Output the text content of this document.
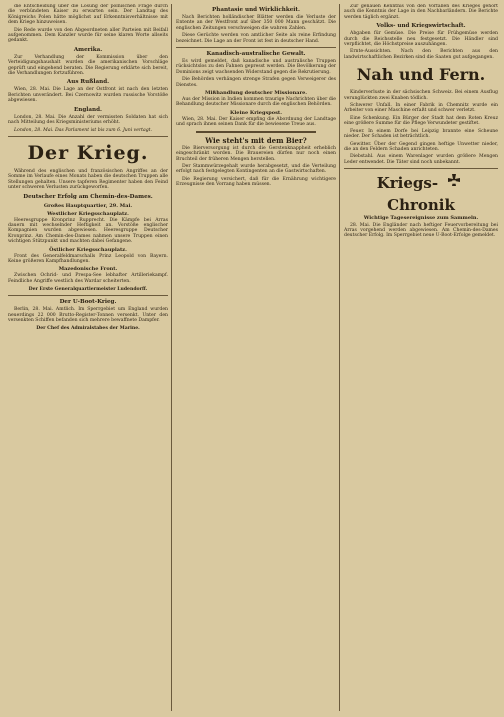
die Entscheidung über die Lösung der polnischen Frage durch die verbündeten Kaiser zu erwarten sein. Der Landtag des Königreichs Polen hätte möglichst auf Erkenntnisverhältnisse mit dem Kriege hinzuweisen.

Die Rede wurde von den Abgeordneten aller Parteien mit Beifall aufgenommen. Dem Kanzler wurde für seine klaren Worte allseits gedankt.

Amerika.

Zur Verhandlung der Kommission über den Verteidigungshaushalt wurden die amerikanischen Vorschläge geprüft und eingehend beraten. Die Regierung erklärte sich bereit, die Verhandlungen fortzuführen.

Aus Rußland.

Wien, 28. Mai. Die Lage an der Ostfront ist nach den letzten Berichten unverändert. Bei Czernowitz wurden russische Vorstöße abgewiesen.

England.

London, 28. Mai. Die Anzahl der vermissten Soldaten hat sich nach Mitteilung des Kriegsministeriums erhöht.

London, 28. Mai. Das Parlament ist bis zum 6. Juni vertagt.

Der Krieg.

Während des englischen und französischen Angriffes an der Somme im Verlaufe eines Monats haben die deutschen Truppen alle Stellungen gehalten. Unsere tapferen Regimenter haben den Feind unter schweren Verlusten zurückgeworfen.

Deutscher Erfolg am Chemin-des-Dames.
Großes Hauptquartier, 29. Mai.
Westlicher Kriegsschauplatz.

Heeresgruppe Kronprinz Rupprecht. Die Kämpfe bei Arras dauern mit wechselnder Heftigkeit an. Vorstöße englischer Kompagnien wurden abgewiesen. Heeresgruppe Deutscher Kronprinz. Am Chemin-des-Dames nahmen unsere Truppen einen wichtigen Stützpunkt und machten dabei Gefangene.

Östlicher Kriegsschauplatz.

Front des Generalfeldmarschalls Prinz Leopold von Bayern. Keine größeren Kampfhandlungen.

Mazedonische Front.

Zwischen Ochrid- und Prespa-See lebhafter Artilleriekampf. Feindliche Angriffe westlich des Wardar scheiterten.

Der Erste Generalquartiermeister Ludendorff.
Der U-Boot-Krieg.

Berlin, 28. Mai. Amtlich. Im Sperrgebiet um England wurden neuerdings 22 000 Brutto-Register-Tonnen versenkt. Unter den versenkten Schiffen befanden sich mehrere bewaffnete Dampfer.

Der Chef des Admiralstabes der Marine.
Phantasie und Wirklichkeit.

Nach Berichten holländischer Blätter werden die Verluste der Entente an der Westfront auf über 350 000 Mann geschätzt. Die englischen Zeitungen verschweigen die wahren Zahlen.

Diese Gerüchte werden von amtlicher Seite als reine Erfindung bezeichnet. Die Lage an der Front ist fest in deutscher Hand.

Kanadisch-australische Gewalt.

Es wird gemeldet, daß kanadische und australische Truppen rücksichtslos zu den Fahnen gepresst werden. Die Bevölkerung der Dominions zeigt wachsenden Widerstand gegen die Rekrutierung.

Die Behörden verhängen strenge Strafen gegen Verweigerer des Dienstes.

Mißhandlung deutscher Missionare.

Aus der Mission in Indien kommen traurige Nachrichten über die Behandlung deutscher Missionare durch die englischen Behörden.

Kleine Kriegspost.

Wien, 28. Mai. Der Kaiser empfing die Abordnung der Landtage und sprach ihnen seinen Dank für die bewiesene Treue aus.

Wie steht's mit dem Bier?

Die Bierversorgung ist durch die Gerstenknappheit erheblich eingeschränkt worden. Die Brauereien dürfen nur noch einen Bruchteil der früheren Mengen herstellen.

Der Stammwürzegehalt wurde herabgesetzt, und die Verteilung erfolgt nach festgelegten Kontingenten an die Gastwirtschaften.

Die Regierung versichert, daß für die Ernährung wichtigere Erzeugnisse den Vorrang haben müssen.

Zur genauen Kenntnis von den Vorfällen des Krieges gehört auch die Kenntnis der Lage in den Nachbarländern. Die Berichte werden täglich ergänzt.

Volks- und Kriegswirtschaft.

Abgaben für Gemüse. Die Preise für Frühgemüse werden durch die Reichsstelle neu festgesetzt. Die Händler sind verpflichtet, die Höchstpreise auszuhängen.

Ernte-Aussichten. Nach den Berichten aus den landwirtschaftlichen Bezirken sind die Saaten gut aufgegangen.

Nah und Fern.

Kinderverluste in der sächsischen Schweiz. Bei einem Ausflug verunglückten zwei Knaben tödlich.

Schwerer Unfall. In einer Fabrik in Chemnitz wurde ein Arbeiter von einer Maschine erfaßt und schwer verletzt.

Eine Schenkung. Ein Bürger der Stadt hat dem Roten Kreuz eine größere Summe für die Pflege Verwundeter gestiftet.

Feuer. In einem Dorfe bei Leipzig brannte eine Scheune nieder. Der Schaden ist beträchtlich.

Gewitter. Über der Gegend gingen heftige Unwetter nieder, die an den Feldern Schaden anrichteten.

Diebstahl. Aus einem Warenlager wurden größere Mengen Leder entwendet. Die Täter sind noch unbekannt.

Kriegs-  Chronik
Wichtige Tagesereignisse zum Sammeln.

28. Mai. Die Engländer nach heftiger Feuervorbereitung bei Arras vorgehend werden abgewiesen. Am Chemin-des-Dames deutscher Erfolg. Im Sperrgebiet neue U-Boot-Erfolge gemeldet.
